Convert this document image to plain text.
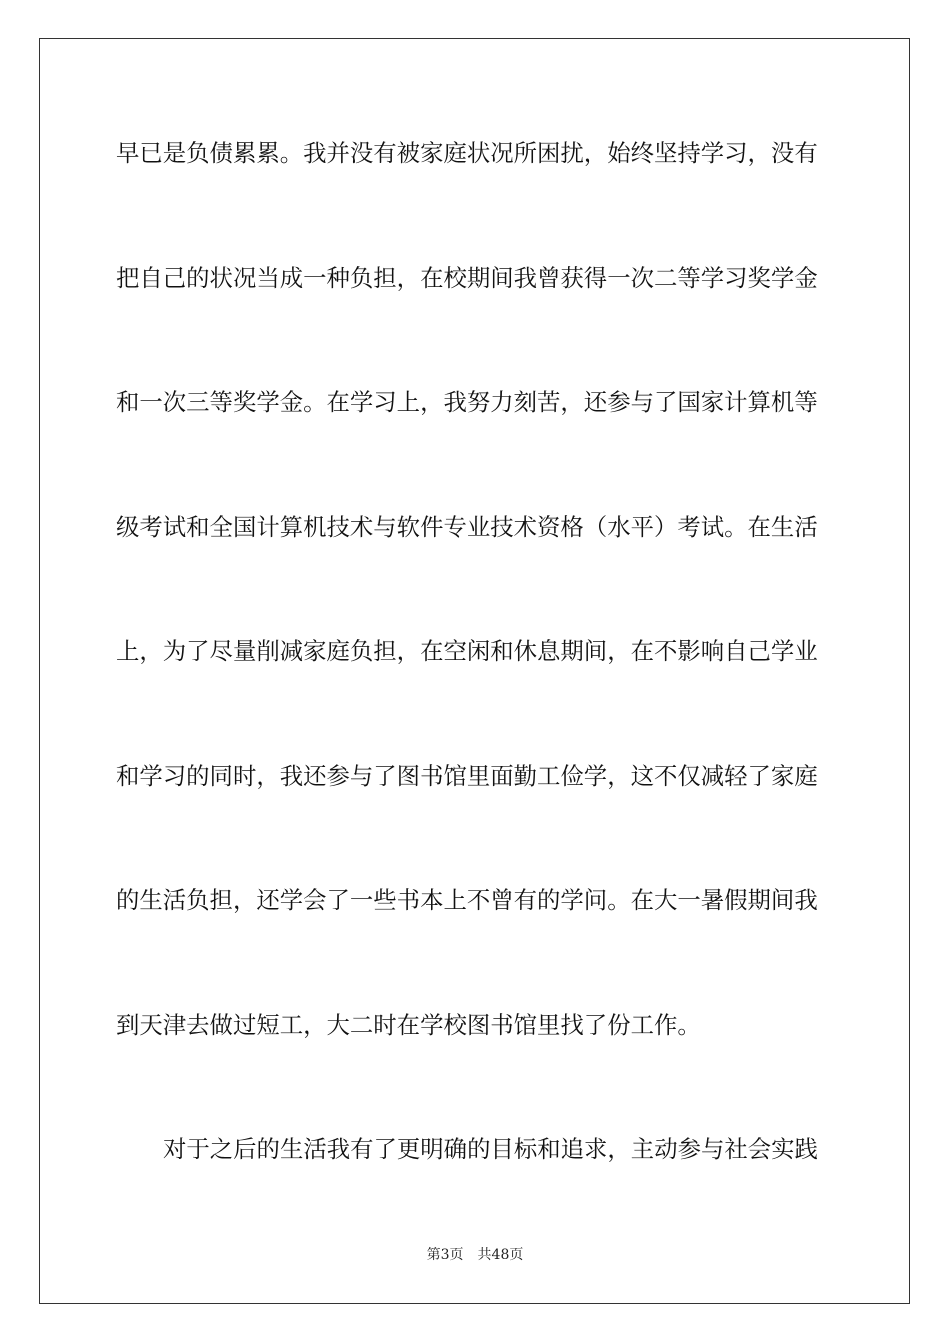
早已是负债累累。我并没有被家庭状况所困扰，始终坚持学习，没有

把自己的状况当成一种负担，在校期间我曾获得一次二等学习奖学金

和一次三等奖学金。在学习上，我努力刻苦，还参与了国家计算机等

级考试和全国计算机技术与软件专业技术资格（水平）考试。在生活

上，为了尽量削减家庭负担，在空闲和休息期间，在不影响自己学业

和学习的同时，我还参与了图书馆里面勤工俭学，这不仅减轻了家庭

的生活负担，还学会了一些书本上不曾有的学问。在大一暑假期间我

到天津去做过短工，大二时在学校图书馆里找了份工作。

对于之后的生活我有了更明确的目标和追求，主动参与社会实践

第3页 共48页
